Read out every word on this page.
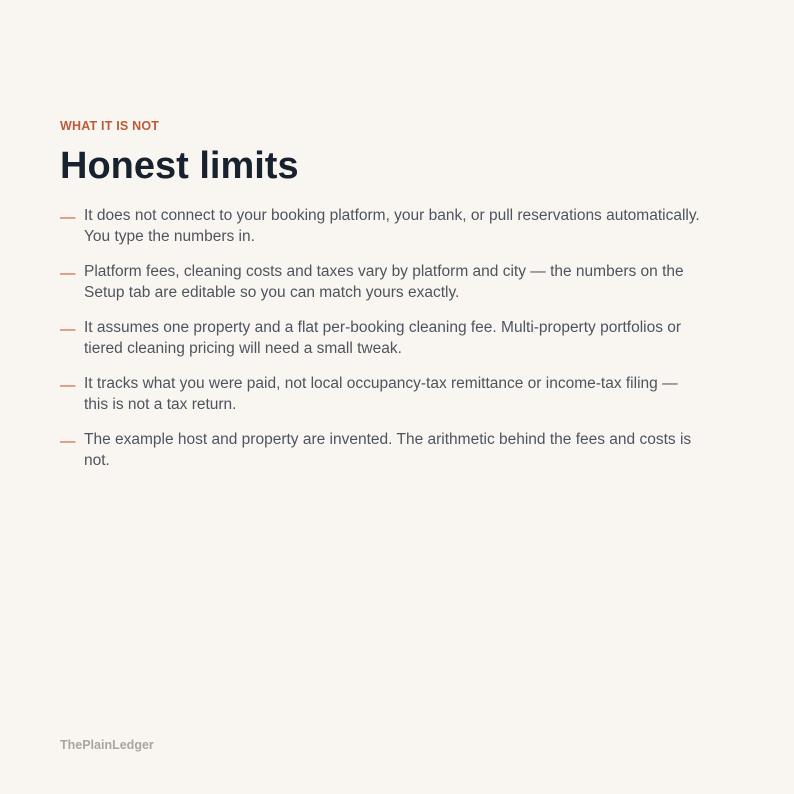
WHAT IT IS NOT

Honest limits
— It does not connect to your booking platform, your bank, or pull reservations automatically. You type the numbers in.
— Platform fees, cleaning costs and taxes vary by platform and city — the numbers on the Setup tab are editable so you can match yours exactly.
— It assumes one property and a flat per-booking cleaning fee. Multi-property portfolios or tiered cleaning pricing will need a small tweak.
— It tracks what you were paid, not local occupancy-tax remittance or income-tax filing — this is not a tax return.
— The example host and property are invented. The arithmetic behind the fees and costs is not.

ThePlainLedger
